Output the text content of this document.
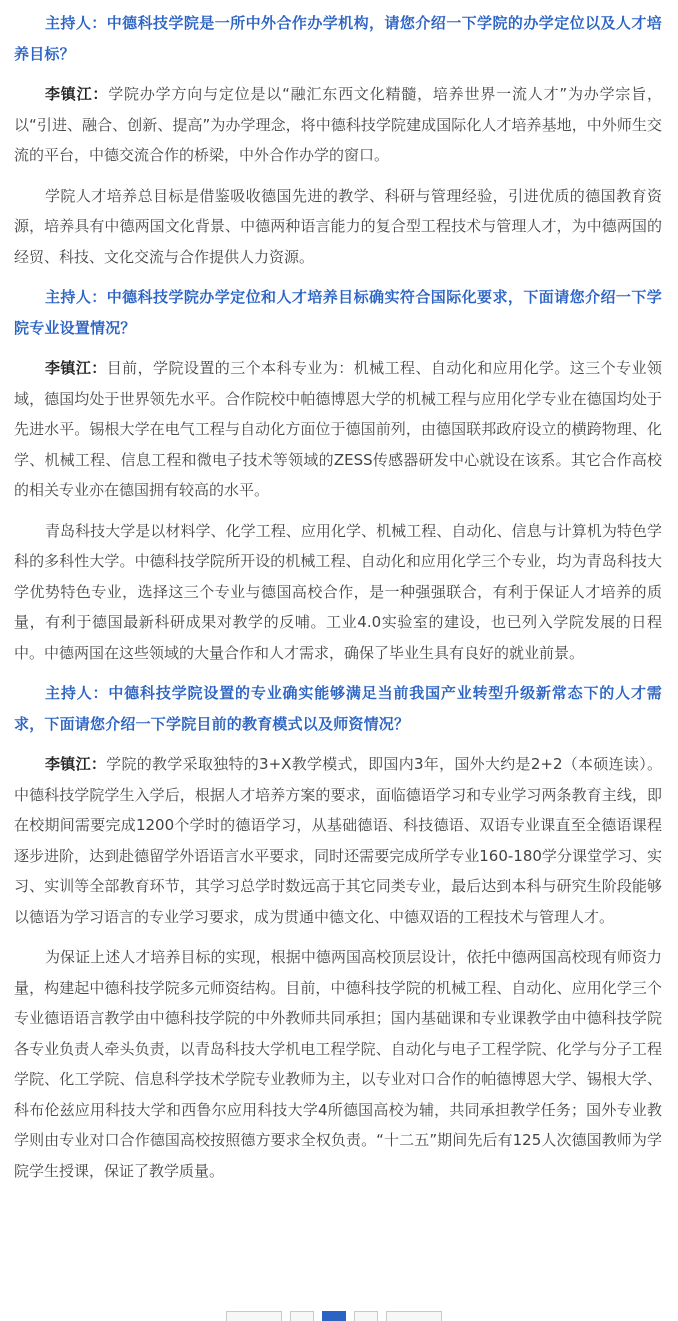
主持人：中德科技学院是一所中外合作办学机构，请您介绍一下学院的办学定位以及人才培养目标？

李镇江：学院办学方向与定位是以“融汇东西文化精髓，培养世界一流人才”为办学宗旨，以“引进、融合、创新、提高”为办学理念，将中德科技学院建成国际化人才培养基地，中外师生交流的平台，中德交流合作的桥梁，中外合作办学的窗口。

学院人才培养总目标是借鉴吸收德国先进的教学、科研与管理经验，引进优质的德国教育资源，培养具有中德两国文化背景、中德两种语言能力的复合型工程技术与管理人才，为中德两国的经贸、科技、文化交流与合作提供人力资源。

主持人：中德科技学院办学定位和人才培养目标确实符合国际化要求，下面请您介绍一下学院专业设置情况？

李镇江：目前，学院设置的三个本科专业为：机械工程、自动化和应用化学。这三个专业领域，德国均处于世界领先水平。合作院校中帕德博恩大学的机械工程与应用化学专业在德国均处于先进水平。锡根大学在电气工程与自动化方面位于德国前列，由德国联邦政府设立的横跨物理、化学、机械工程、信息工程和微电子技术等领域的ZESS传感器研发中心就设在该系。其它合作高校的相关专业亦在德国拥有较高的水平。

青岛科技大学是以材料学、化学工程、应用化学、机械工程、自动化、信息与计算机为特色学科的多科性大学。中德科技学院所开设的机械工程、自动化和应用化学三个专业，均为青岛科技大学优势特色专业，选择这三个专业与德国高校合作，是一种强强联合，有利于保证人才培养的质量，有利于德国最新科研成果对教学的反哺。工业4.0实验室的建设，也已列入学院发展的日程中。中德两国在这些领域的大量合作和人才需求，确保了毕业生具有良好的就业前景。

主持人：中德科技学院设置的专业确实能够满足当前我国产业转型升级新常态下的人才需求，下面请您介绍一下学院目前的教育模式以及师资情况？

李镇江：学院的教学采取独特的3+X教学模式，即国内3年，国外大约是2+2（本硕连读）。中德科技学院学生入学后，根据人才培养方案的要求，面临德语学习和专业学习两条教育主线，即在校期间需要完成1200个学时的德语学习，从基础德语、科技德语、双语专业课直至全德语课程逐步进阶，达到赴德留学外语语言水平要求，同时还需要完成所学专业160-180学分课堂学习、实习、实训等全部教育环节，其学习总学时数远高于其它同类专业，最后达到本科与研究生阶段能够以德语为学习语言的专业学习要求，成为贯通中德文化、中德双语的工程技术与管理人才。

为保证上述人才培养目标的实现，根据中德两国高校顶层设计，依托中德两国高校现有师资力量，构建起中德科技学院多元师资结构。目前，中德科技学院的机械工程、自动化、应用化学三个专业德语语言教学由中德科技学院的中外教师共同承担；国内基础课和专业课教学由中德科技学院各专业负责人牵头负责，以青岛科技大学机电工程学院、自动化与电子工程学院、化学与分子工程学院、化工学院、信息科学技术学院专业教师为主，以专业对口合作的帕德博恩大学、锡根大学、科布伦兹应用科技大学和西鲁尔应用科技大学4所德国高校为辅，共同承担教学任务；国外专业教学则由专业对口合作德国高校按照德方要求全权负责。“十二五”期间先后有125人次德国教师为学院学生授课，保证了教学质量。
